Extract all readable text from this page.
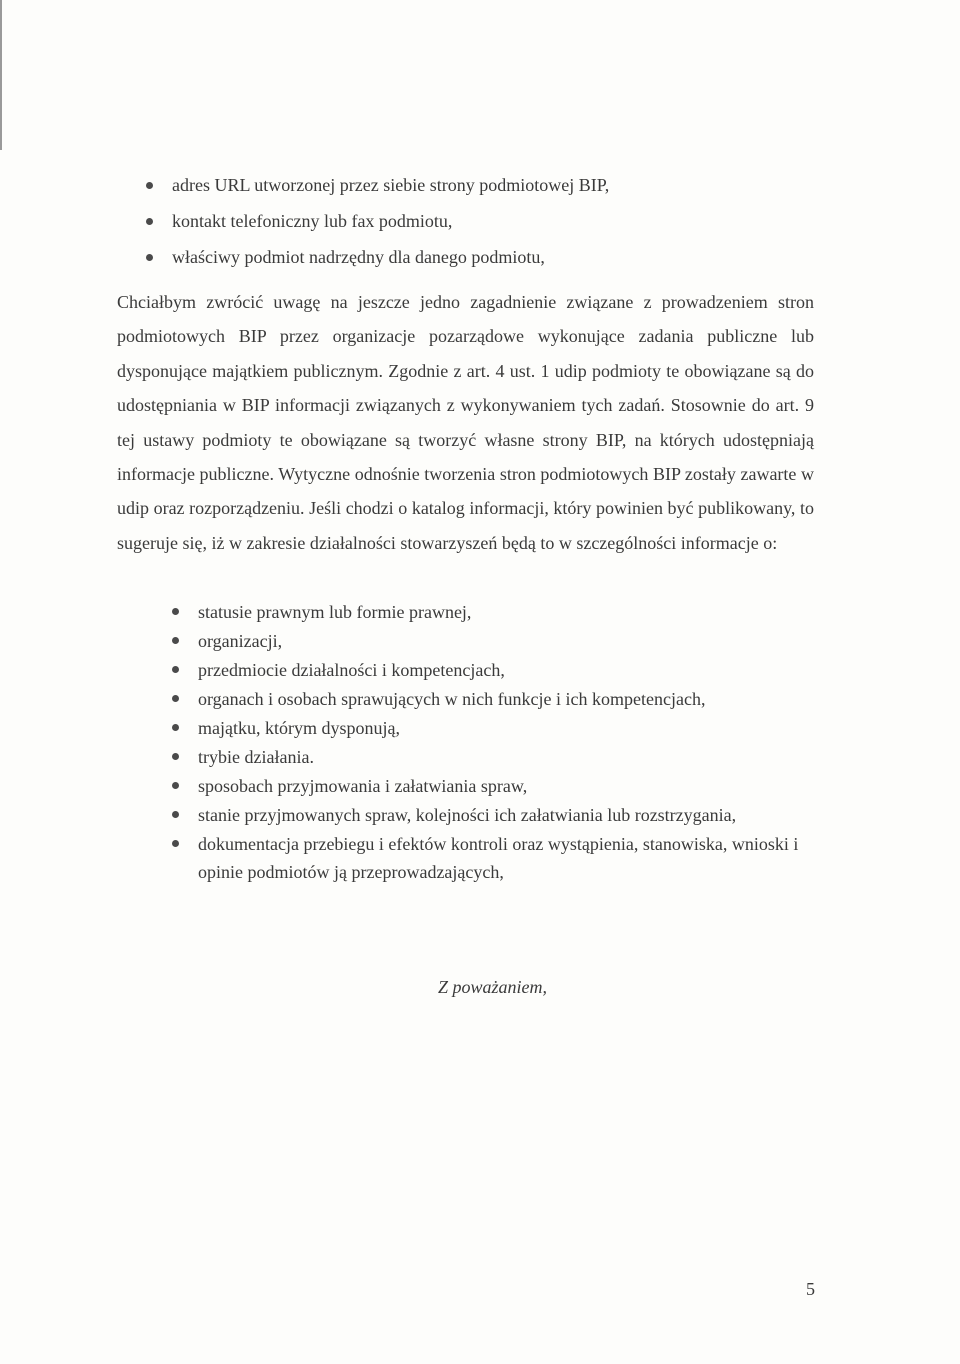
adres URL utworzonej przez siebie strony podmiotowej BIP,
kontakt telefoniczny lub fax podmiotu,
właściwy podmiot nadrzędny dla danego podmiotu,

Chciałbym zwrócić uwagę na jeszcze jedno zagadnienie związane z prowadzeniem stron podmiotowych BIP przez organizacje pozarządowe wykonujące zadania publiczne lub dysponujące majątkiem publicznym. Zgodnie z art. 4 ust. 1 udip podmioty te obowiązane są do udostępniania w BIP informacji związanych z wykonywaniem tych zadań. Stosownie do art. 9 tej ustawy podmioty te obowiązane są tworzyć własne strony BIP, na których udostępniają informacje publiczne. Wytyczne odnośnie tworzenia stron podmiotowych BIP zostały zawarte w udip oraz rozporządzeniu. Jeśli chodzi o katalog informacji, który powinien być publikowany, to sugeruje się, iż w zakresie działalności stowarzyszeń będą to w szczególności informacje o:

statusie prawnym lub formie prawnej,
organizacji,
przedmiocie działalności i kompetencjach,
organach i osobach sprawujących w nich funkcje i ich kompetencjach,
majątku, którym dysponują,
trybie działania.
sposobach przyjmowania i załatwiania spraw,
stanie przyjmowanych spraw, kolejności ich załatwiania lub rozstrzygania,
dokumentacja przebiegu i efektów kontroli oraz wystąpienia, stanowiska, wnioski i opinie podmiotów ją przeprowadzających,
Z poważaniem,
5
